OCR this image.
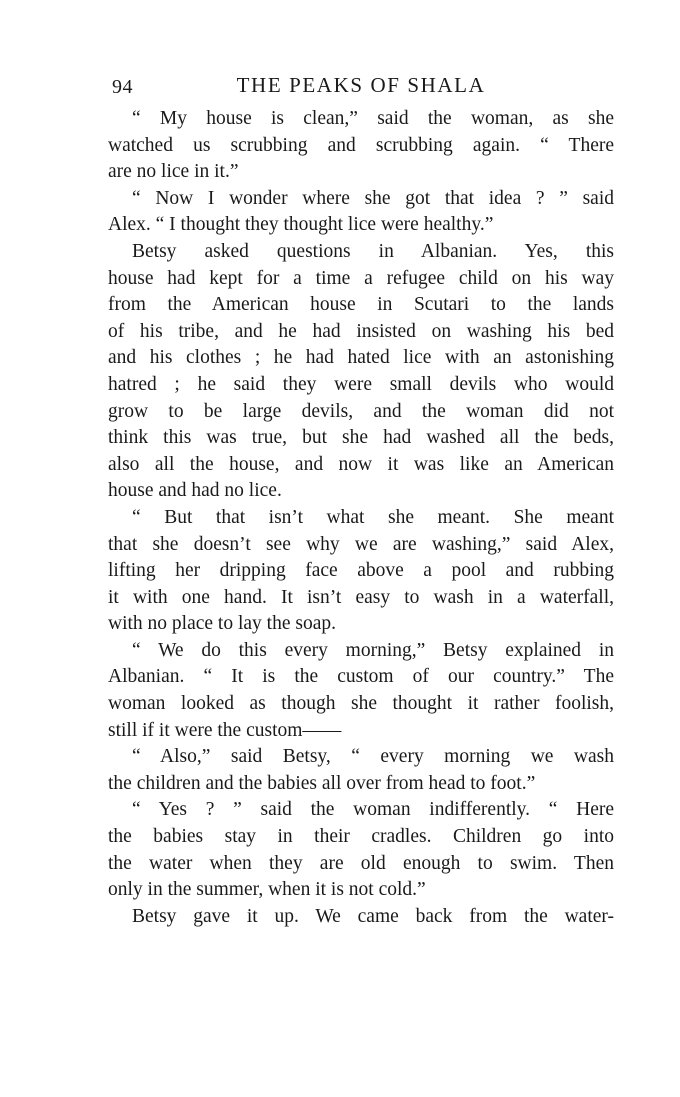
94	THE PEAKS OF SHALA
“ My house is clean,” said the woman, as she
watched us scrubbing and scrubbing again. “ There
are no lice in it.”
“ Now I wonder where she got that idea ? ” said
Alex. “ I thought they thought lice were healthy.”
Betsy asked questions in Albanian. Yes, this
house had kept for a time a refugee child on his way
from the American house in Scutari to the lands
of his tribe, and he had insisted on washing his bed
and his clothes ; he had hated lice with an astonishing
hatred ; he said they were small devils who would
grow to be large devils, and the woman did not
think this was true, but she had washed all the beds,
also all the house, and now it was like an American
house and had no lice.
“ But that isn’t what she meant. She meant
that she doesn’t see why we are washing,” said Alex,
lifting her dripping face above a pool and rubbing
it with one hand. It isn’t easy to wash in a waterfall,
with no place to lay the soap.
“ We do this every morning,” Betsy explained in
Albanian. “ It is the custom of our country.” The
woman looked as though she thought it rather foolish,
still if it were the custom——
“ Also,” said Betsy, “ every morning we wash
the children and the babies all over from head to foot.”
“ Yes ? ” said the woman indifferently. “ Here
the babies stay in their cradles. Children go into
the water when they are old enough to swim. Then
only in the summer, when it is not cold.”
Betsy gave it up. We came back from the water-
